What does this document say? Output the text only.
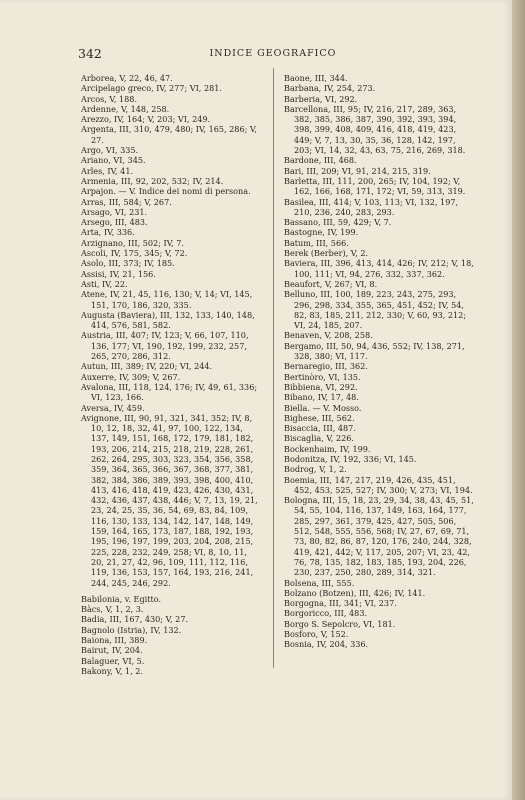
342	INDICE GEOGRAFICO
Arborea, V, 22, 46, 47.
Arcipelago greco, IV, 277; VI, 281.
Arcos, V, 188.
Ardenne, V, 148, 258.
Arezzo, IV, 164; V, 203; VI, 249.
Argenta, III, 310, 479, 480; IV, 165, 286; V, 27.
Argo, VI, 335.
Ariano, VI, 345.
Arles, IV, 41.
Armenia, III, 92, 202, 532; IV, 214.
Arpajon. — V. Indice dei nomi di persona.
Arras, III, 584; V, 267.
Arsago, VI, 231.
Arsego, III, 483.
Arta, IV, 336.
Arzignano, III, 502; IV, 7.
Ascoli, IV, 175, 345; V, 72.
Asolo, III, 373; IV, 185.
Assisi, IV, 21, 156.
Asti, IV, 22.
Atene, IV, 21, 45, 116, 130; V, 14; VI, 145, 151, 170, 186, 320, 335.
Augusta (Baviera), III, 132, 133, 140, 148, 414, 576, 581, 582.
Austria, III, 407; IV, 123; V, 66, 107, 110, 136, 177; VI, 190, 192, 199, 232, 257, 265, 270, 286, 312.
Autun, III, 389; IV, 220; VI, 244.
Auxerre, IV, 309; V, 267.
Avalona, III, 118, 124, 176; IV, 49, 61, 336; VI, 123, 166.
Aversa, IV, 459.
Avignone, III, 90, 91, 321, 341, 352; IV, 8, 10, 12, 18, 32, 41, 97, 100, 122, 134, 137, 149, 151, 168, 172, 179, 181, 182, 193, 206, 214, 215, 218, 219, 228, 261, 262, 264, 295, 303, 323, 354, 356, 358, 359, 364, 365, 366, 367, 368, 377, 381, 382, 384, 386, 389, 393, 398, 400, 410, 413, 416, 418, 419, 423, 426, 430, 431, 432, 436, 437, 438, 446; V, 7, 13, 19, 21, 23, 24, 25, 35, 36, 54, 69, 83, 84, 109, 116, 130, 133, 134, 142, 147, 148, 149, 159, 164, 165, 173, 187, 188, 192, 193, 195, 196, 197, 199, 203, 204, 208, 215, 225, 228, 232, 249, 258; VI, 8, 10, 11, 20, 21, 27, 42, 96, 109, 111, 112, 116, 119, 136, 153, 157, 164, 193, 216, 241, 244, 245, 246, 292.
Babilonia, v. Egitto.
Bàcs, V, 1, 2, 3.
Badia, III, 167, 430; V, 27.
Bagnolo (Istria), IV, 132.
Baiona, III, 389.
Bairut, IV, 204.
Balaguer, VI, 5.
Bakony, V, 1, 2.
Baone, III, 344.
Barbana, IV, 254, 273.
Barberia, VI, 292.
Barcellona, III, 95; IV, 216, 217, 289, 363, 382, 385, 386, 387, 390, 392, 393, 394, 398, 399, 408, 409, 416, 418, 419, 423, 449; V, 7, 13, 30, 35, 36, 128, 142, 197, 203; VI, 14, 32, 43, 63, 75, 216, 269, 318.
Bardone, III, 468.
Bari, III, 209; VI, 91, 214, 215, 319.
Barletta, III, 111, 200, 265; IV, 104, 192; V, 162, 166, 168, 171, 172; VI, 59, 313, 319.
Basilea, III, 414; V, 103, 113; VI, 132, 197, 210, 236, 240, 283, 293.
Bassano, III, 59, 429; V, 7.
Bastogne, IV, 199.
Batum, III, 566.
Berek (Berber), V, 2.
Baviera, III, 396, 413, 414, 426; IV, 212; V, 18, 100, 111; VI, 94, 276, 332, 337, 362.
Beaufort, V, 267; VI, 8.
Belluno, III, 100, 189, 223, 243, 275, 293, 296, 298, 334, 355, 365, 451, 452; IV, 54, 82, 83, 185, 211, 212, 330; V, 60, 93, 212; VI, 24, 185, 207.
Benaven, V, 208, 258.
Bergamo, III, 50, 94, 436, 552; IV, 138, 271, 328, 380; VI, 117.
Bernaregio, III, 362.
Bertinòro, VI, 135.
Bibbiena, VI, 292.
Bibano, IV, 17, 48.
Biella. — V. Mosso.
Bighese, III, 562.
Bisaccia, III, 487.
Biscaglia, V, 226.
Bockenhaim, IV, 199.
Bodonitza, IV, 192, 336; VI, 145.
Bodrog, V, 1, 2.
Boemia, III, 147, 217, 219, 426, 435, 451, 452, 453, 525, 527; IV, 300; V, 273; VI, 194.
Bologna, III, 15, 18, 23, 29, 34, 38, 43, 45, 51, 54, 55, 104, 116, 137, 149, 163, 164, 177, 285, 297, 361, 379, 425, 427, 505, 506, 512, 548, 555, 556, 568; IV, 27, 67, 69, 71, 73, 80, 82, 86, 87, 120, 176, 240, 244, 328, 419, 421, 442; V, 117, 205, 207; VI, 23, 42, 76, 78, 135, 182, 183, 185, 193, 204, 226, 230, 237, 250, 280, 289, 314, 321.
Bolsena, III, 555.
Bolzano (Botzen), III, 426; IV, 141.
Borgogna, III, 341; VI, 237.
Borgoricco, III, 483.
Borgo S. Sepolcro, VI, 181.
Bosforo, V, 152.
Bosnia, IV, 204, 336.
